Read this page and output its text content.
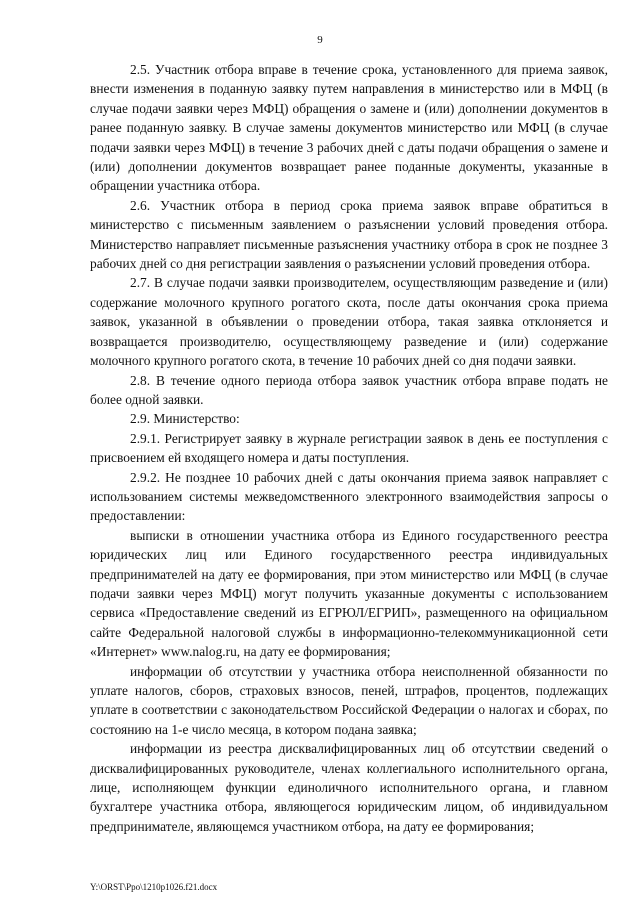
9

2.5. Участник отбора вправе в течение срока, установленного для приема заявок, внести изменения в поданную заявку путем направления в министерство или в МФЦ (в случае подачи заявки через МФЦ) обращения о замене и (или) дополнении документов в ранее поданную заявку. В случае замены документов министерство или МФЦ (в случае подачи заявки через МФЦ) в течение 3 рабочих дней с даты подачи обращения о замене и (или) дополнении документов возвращает ранее поданные документы, указанные в обращении участника отбора.

2.6. Участник отбора в период срока приема заявок вправе обратиться в министерство с письменным заявлением о разъяснении условий проведения отбора. Министерство направляет письменные разъяснения участнику отбора в срок не позднее 3 рабочих дней со дня регистрации заявления о разъяснении условий проведения отбора.

2.7. В случае подачи заявки производителем, осуществляющим разведение и (или) содержание молочного крупного рогатого скота, после даты окончания срока приема заявок, указанной в объявлении о проведении отбора, такая заявка отклоняется и возвращается производителю, осуществляющему разведение и (или) содержание молочного крупного рогатого скота, в течение 10 рабочих дней со дня подачи заявки.

2.8. В течение одного периода отбора заявок участник отбора вправе подать не более одной заявки.

2.9. Министерство:

2.9.1. Регистрирует заявку в журнале регистрации заявок в день ее поступления с присвоением ей входящего номера и даты поступления.

2.9.2. Не позднее 10 рабочих дней с даты окончания приема заявок направляет с использованием системы межведомственного электронного взаимодействия запросы о предоставлении:

выписки в отношении участника отбора из Единого государственного реестра юридических лиц или Единого государственного реестра индивидуальных предпринимателей на дату ее формирования, при этом министерство или МФЦ (в случае подачи заявки через МФЦ) могут получить указанные документы с использованием сервиса «Предоставление сведений из ЕГРЮЛ/ЕГРИП», размещенного на официальном сайте Федеральной налоговой службы в информационно-телекоммуникационной сети «Интернет» www.nalog.ru, на дату ее формирования;

информации об отсутствии у участника отбора неисполненной обязанности по уплате налогов, сборов, страховых взносов, пеней, штрафов, процентов, подлежащих уплате в соответствии с законодательством Российской Федерации о налогах и сборах, по состоянию на 1-е число месяца, в котором подана заявка;

информации из реестра дисквалифицированных лиц об отсутствии сведений о дисквалифицированных руководителе, членах коллегиального исполнительного органа, лице, исполняющем функции единоличного исполнительного органа, и главном бухгалтере участника отбора, являющегося юридическим лицом, об индивидуальном предпринимателе, являющемся участником отбора, на дату ее формирования;

Y:\ORST\Ppo\1210p1026.f21.docx
